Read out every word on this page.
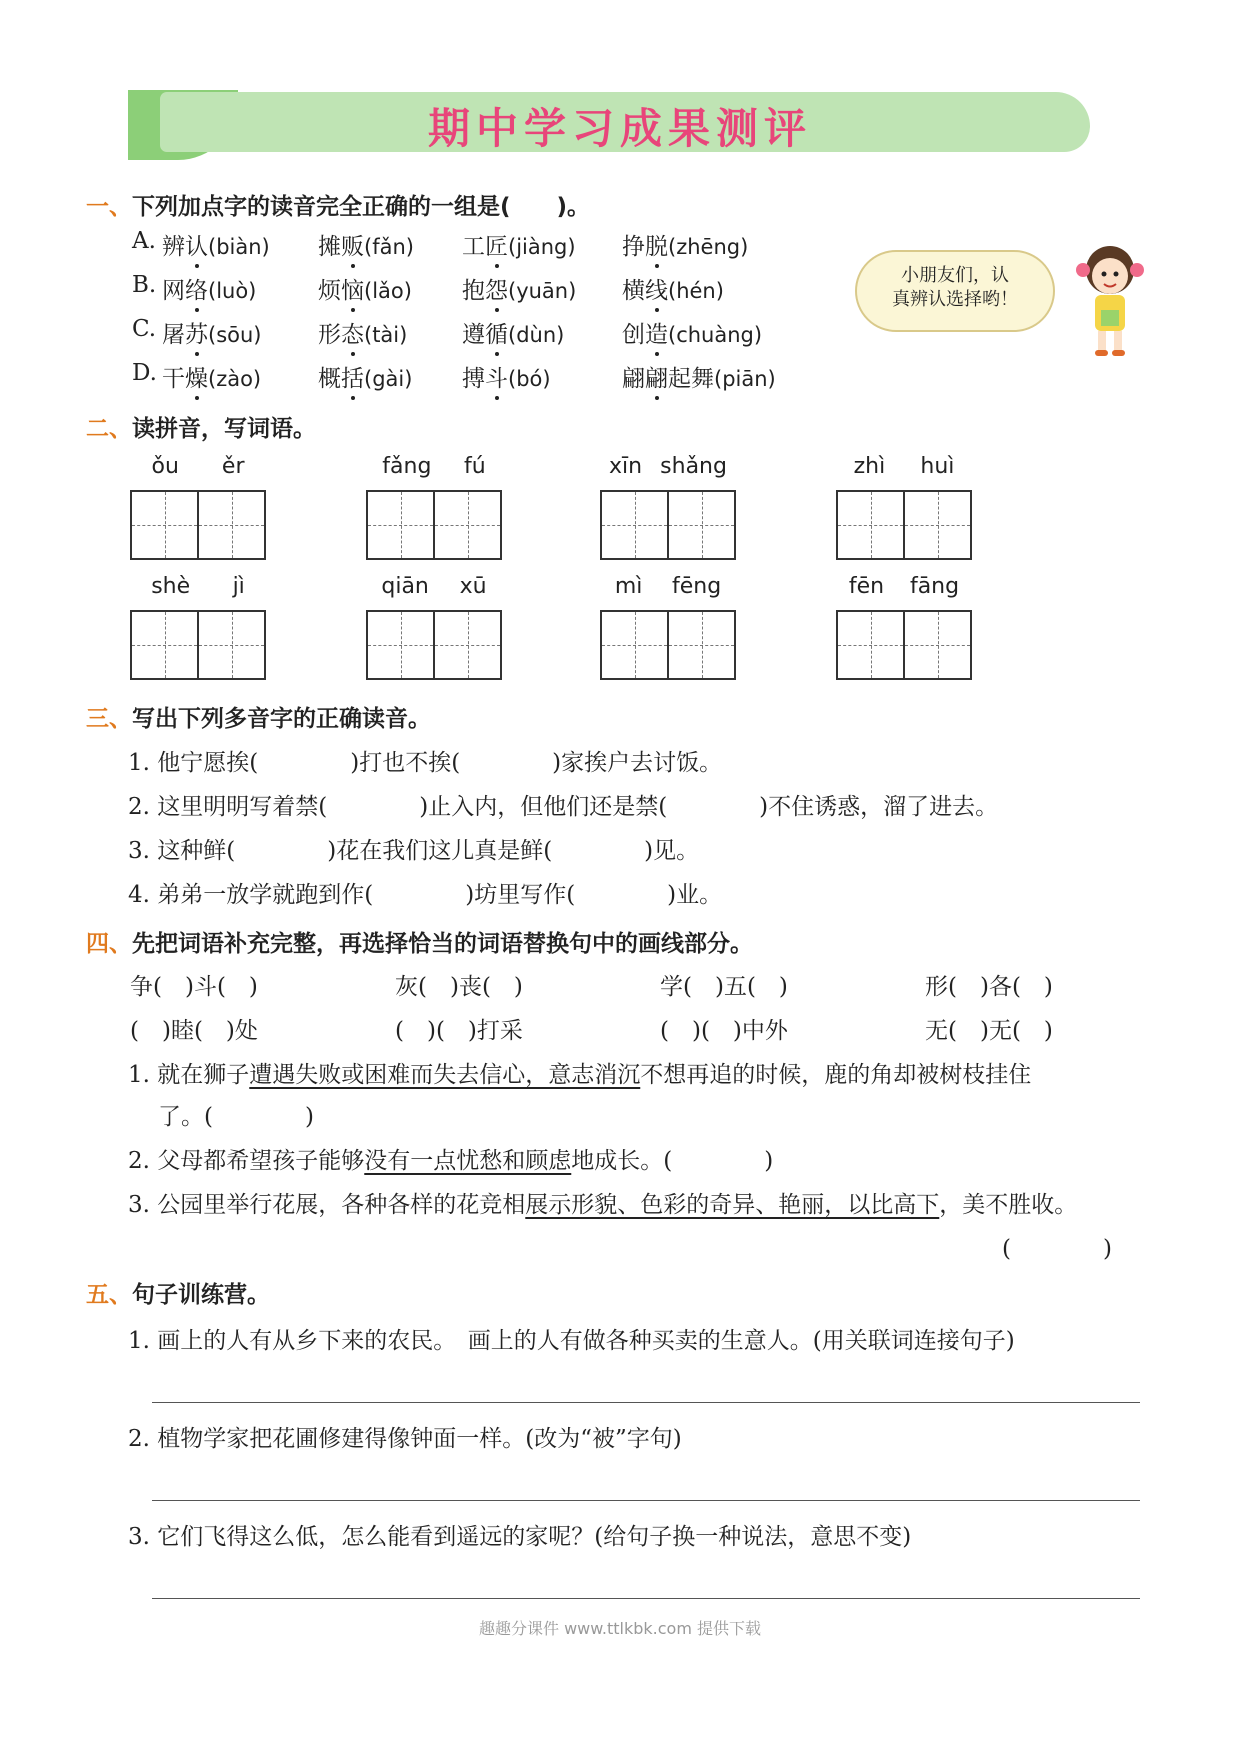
期中学习成果测评
一、下列加点字的读音完全正确的一组是(　　)。
A. 辨认(biàn) 摊贩(fǎn) 工匠(jiàng) 挣脱(zhēng)
B. 网络(luò)	烦恼(lǎo) 抱怨(yuān) 横线(hén)
C. 屠苏(sōu) 形态(tài) 遵循(dùn)	创造(chuàng)
D. 干燥(zào) 概括(gài) 搏斗(bó)	翩翩起舞(piān)
小朋友们，认
真辨认选择哟！
二、读拼音，写词语。
ǒu ěr	fǎng fú	xīn shǎng	zhì huì
shè jì	qiān xū	mì fēng	fēn fāng
三、写出下列多音字的正确读音。
1. 他宁愿挨(　　　　)打也不挨(　　　　)家挨户去讨饭。
2. 这里明明写着禁(　　　　)止入内，但他们还是禁(　　　　)不住诱惑，溜了进去。
3. 这种鲜(　　　　)花在我们这儿真是鲜(　　　　)见。
4. 弟弟一放学就跑到作(　　　　)坊里写作(　　　　)业。
四、先把词语补充完整，再选择恰当的词语替换句中的画线部分。
争(　)斗(　)	灰(　)丧(　)	学(　)五(　)	形(　)各(　)
(　)睦(　)处	(　)(　)打采	(　)(　)中外	无(　)无(　)
1. 就在狮子遭遇失败或困难而失去信心，意志消沉不想再追的时候，鹿的角却被树枝挂住
了。(　　　　)
2. 父母都希望孩子能够没有一点忧愁和顾虑地成长。(　　　　)
3. 公园里举行花展，各种各样的花竞相展示形貌、色彩的奇异、艳丽，以比高下，美不胜收。
(　　　　)
五、句子训练营。
1. 画上的人有从乡下来的农民。　画上的人有做各种买卖的生意人。(用关联词连接句子)
2. 植物学家把花圃修建得像钟面一样。(改为“被”字句)
3. 它们飞得这么低，怎么能看到遥远的家呢？(给句子换一种说法，意思不变)
趣趣分课件 www.ttlkbk.com 提供下载
